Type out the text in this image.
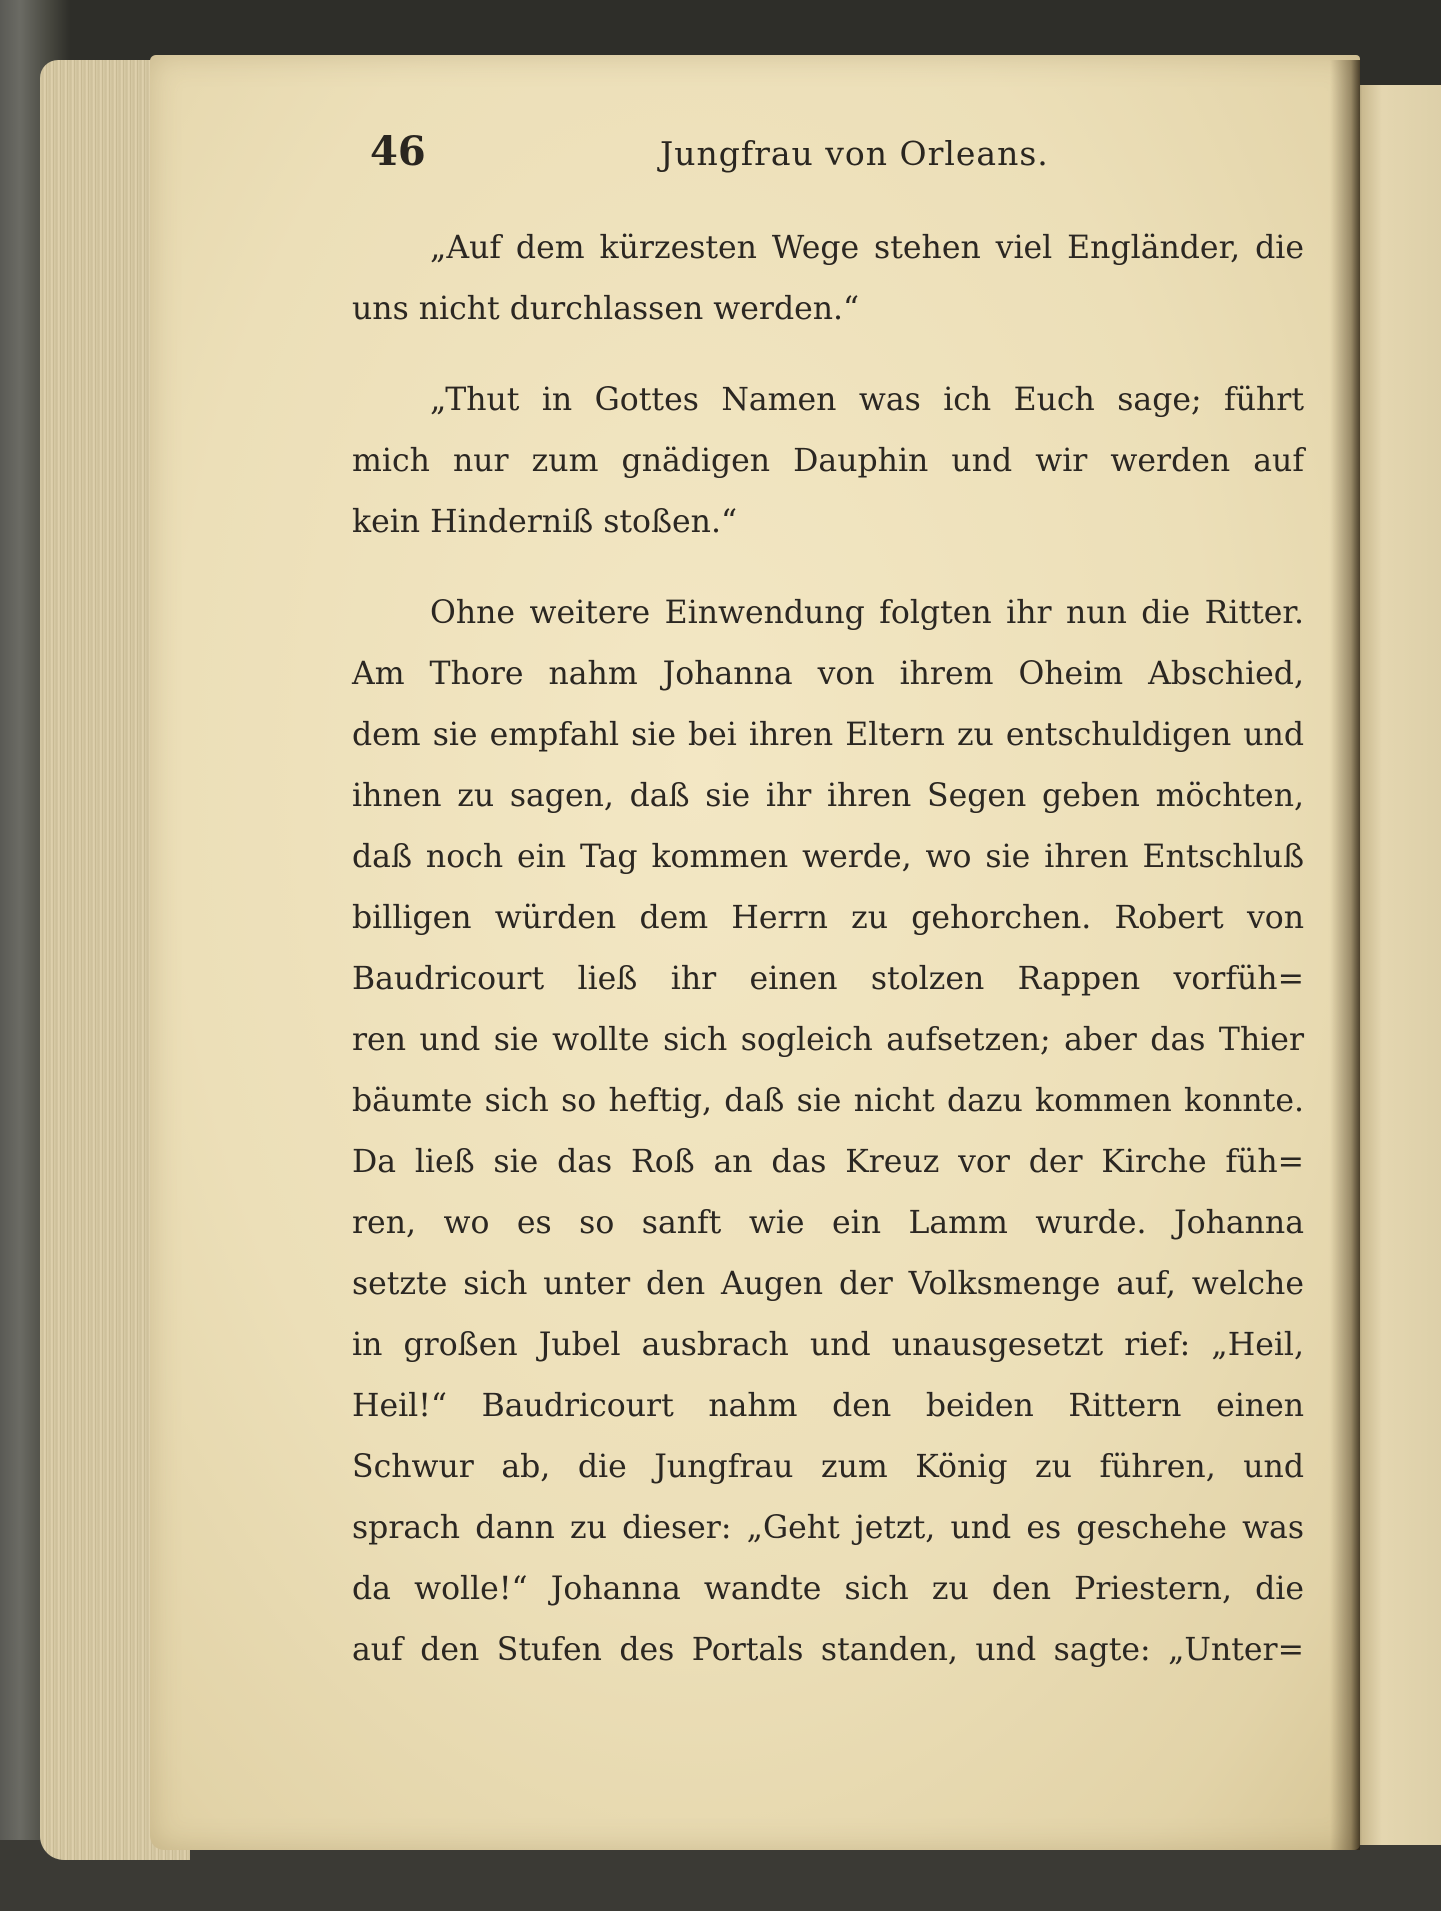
46	Jungfrau von Orleans.
„Auf dem kürzesten Wege stehen viel Engländer, die
uns nicht durchlassen werden.“
„Thut in Gottes Namen was ich Euch sage; führt
mich nur zum gnädigen Dauphin und wir werden auf
kein Hinderniß stoßen.“
Ohne weitere Einwendung folgten ihr nun die Ritter.
Am Thore nahm Johanna von ihrem Oheim Abschied,
dem sie empfahl sie bei ihren Eltern zu entschuldigen und
ihnen zu sagen, daß sie ihr ihren Segen geben möchten,
daß noch ein Tag kommen werde, wo sie ihren Entschluß
billigen würden dem Herrn zu gehorchen. Robert von
Baudricourt ließ ihr einen stolzen Rappen vorfüh=
ren und sie wollte sich sogleich aufsetzen; aber das Thier
bäumte sich so heftig, daß sie nicht dazu kommen konnte.
Da ließ sie das Roß an das Kreuz vor der Kirche füh=
ren, wo es so sanft wie ein Lamm wurde. Johanna
setzte sich unter den Augen der Volksmenge auf, welche
in großen Jubel ausbrach und unausgesetzt rief: „Heil,
Heil!“ Baudricourt nahm den beiden Rittern einen
Schwur ab, die Jungfrau zum König zu führen, und
sprach dann zu dieser: „Geht jetzt, und es geschehe was
da wolle!“ Johanna wandte sich zu den Priestern, die
auf den Stufen des Portals standen, und sagte: „Unter=
